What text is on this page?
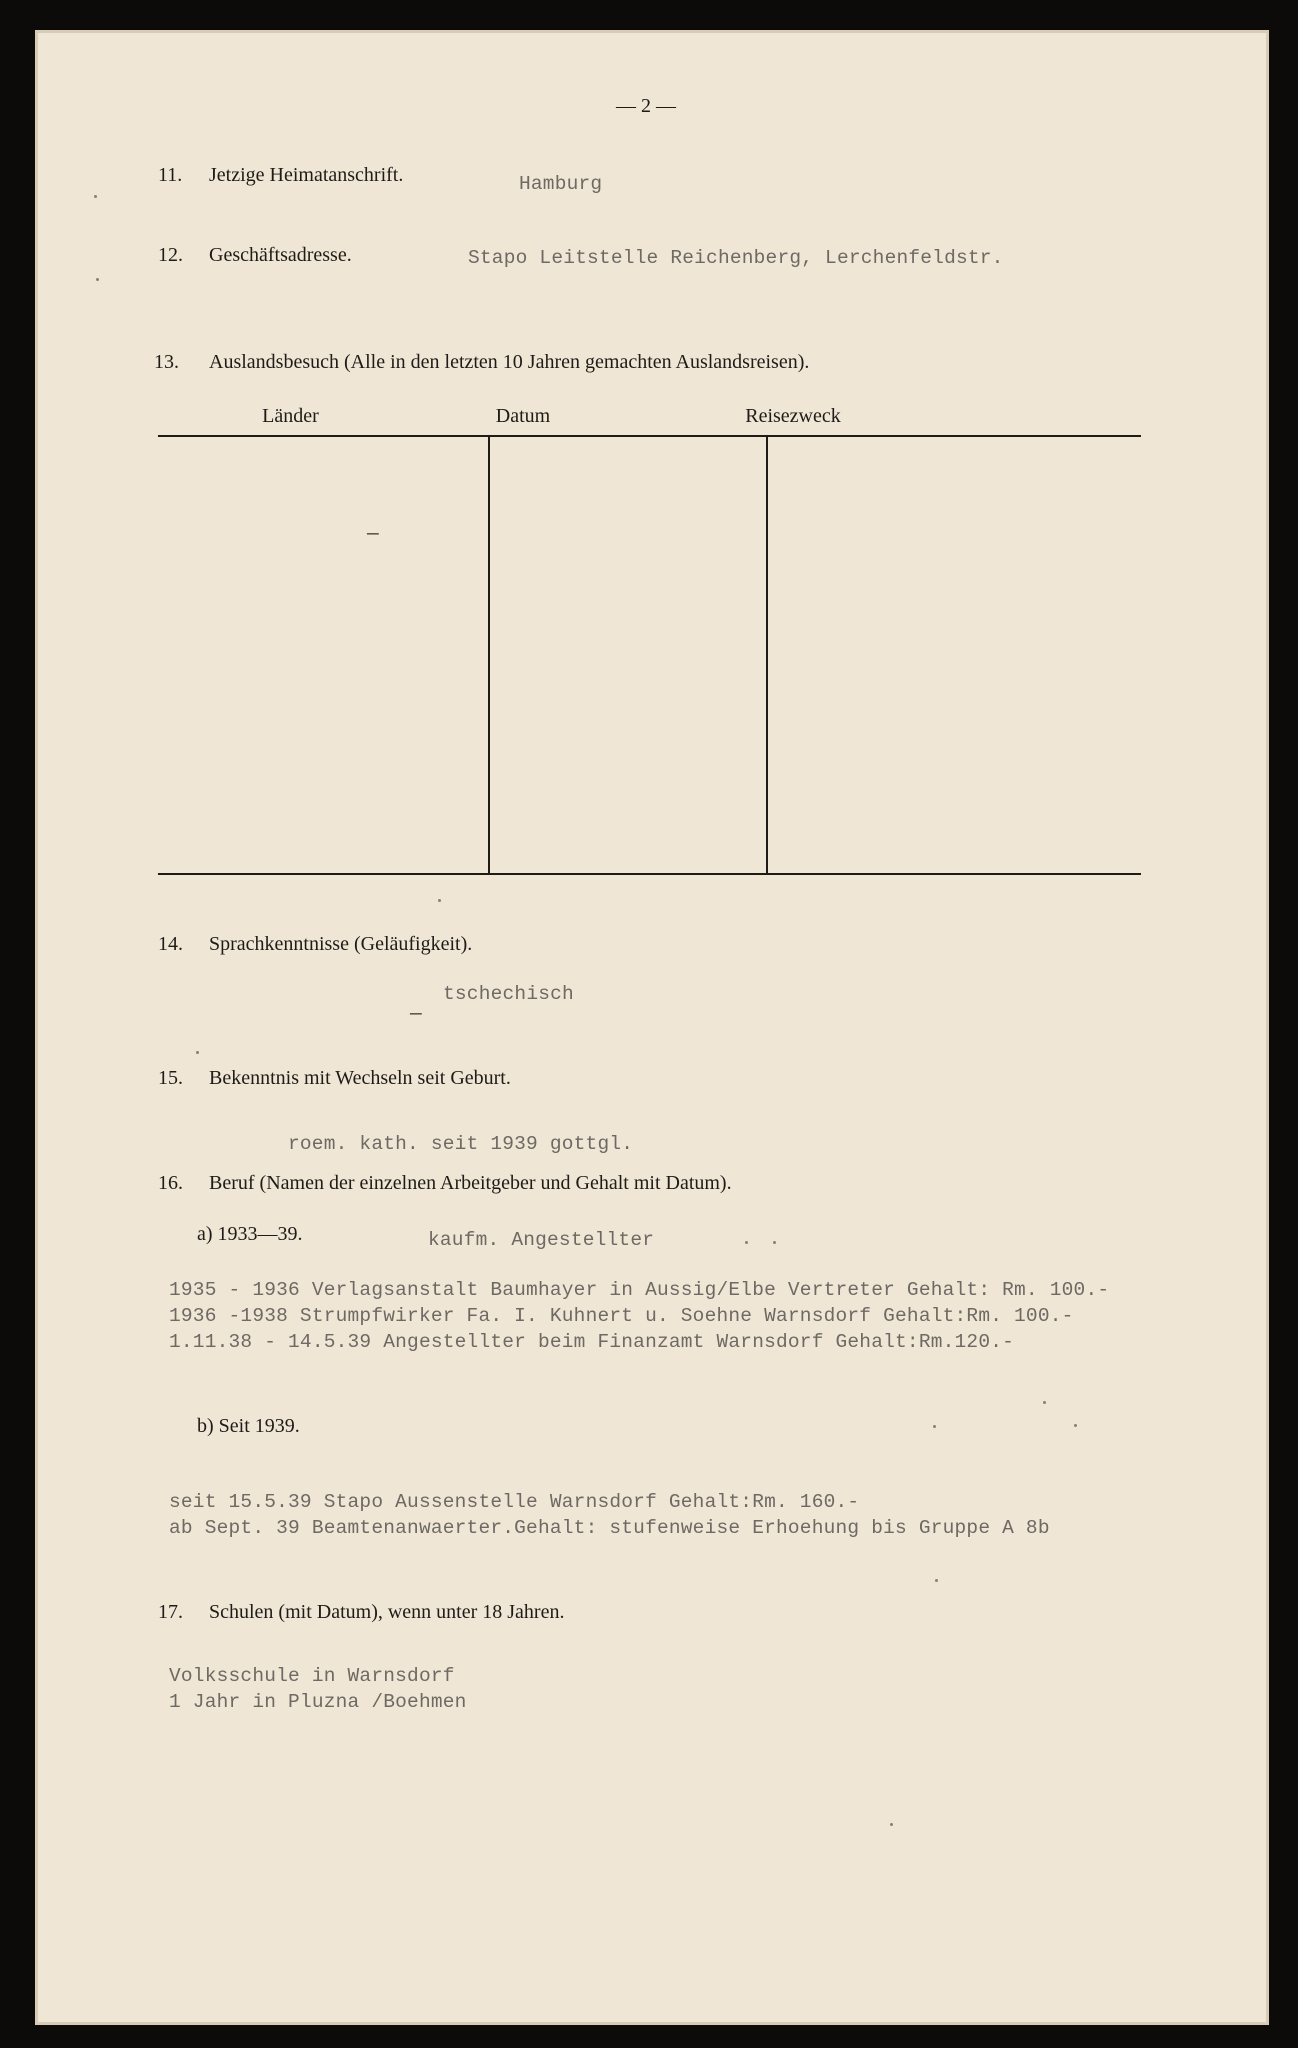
— 2 —
11. Jetzige Heimatanschrift.	Hamburg
12. Geschäftsadresse.	Stapo Leitstelle Reichenberg, Lerchenfeldstr.
13. Auslandsbesuch (Alle in den letzten 10 Jahren gemachten Auslandsreisen).
Länder	Datum	Reisezweck
—
14. Sprachkenntnisse (Geläufigkeit).
tschechisch
—
15. Bekenntnis mit Wechseln seit Geburt.
roem. kath. seit 1939 gottgl.
16. Beruf (Namen der einzelnen Arbeitgeber und Gehalt mit Datum).
a) 1933—39.	kaufm. Angestellter
1935 - 1936 Verlagsanstalt Baumhayer in Aussig/Elbe Vertreter Gehalt: Rm. 100.-
1936 -1938 Strumpfwirker Fa. I. Kuhnert u. Soehne Warnsdorf Gehalt:Rm. 100.-
1.11.38 - 14.5.39 Angestellter beim Finanzamt Warnsdorf Gehalt:Rm.120.-
b) Seit 1939.
seit 15.5.39 Stapo Aussenstelle Warnsdorf Gehalt:Rm. 160.-
ab Sept. 39 Beamtenanwaerter.Gehalt: stufenweise Erhoehung bis Gruppe A 8b
17. Schulen (mit Datum), wenn unter 18 Jahren.
Volksschule in Warnsdorf
1 Jahr in Pluzna /Boehmen
